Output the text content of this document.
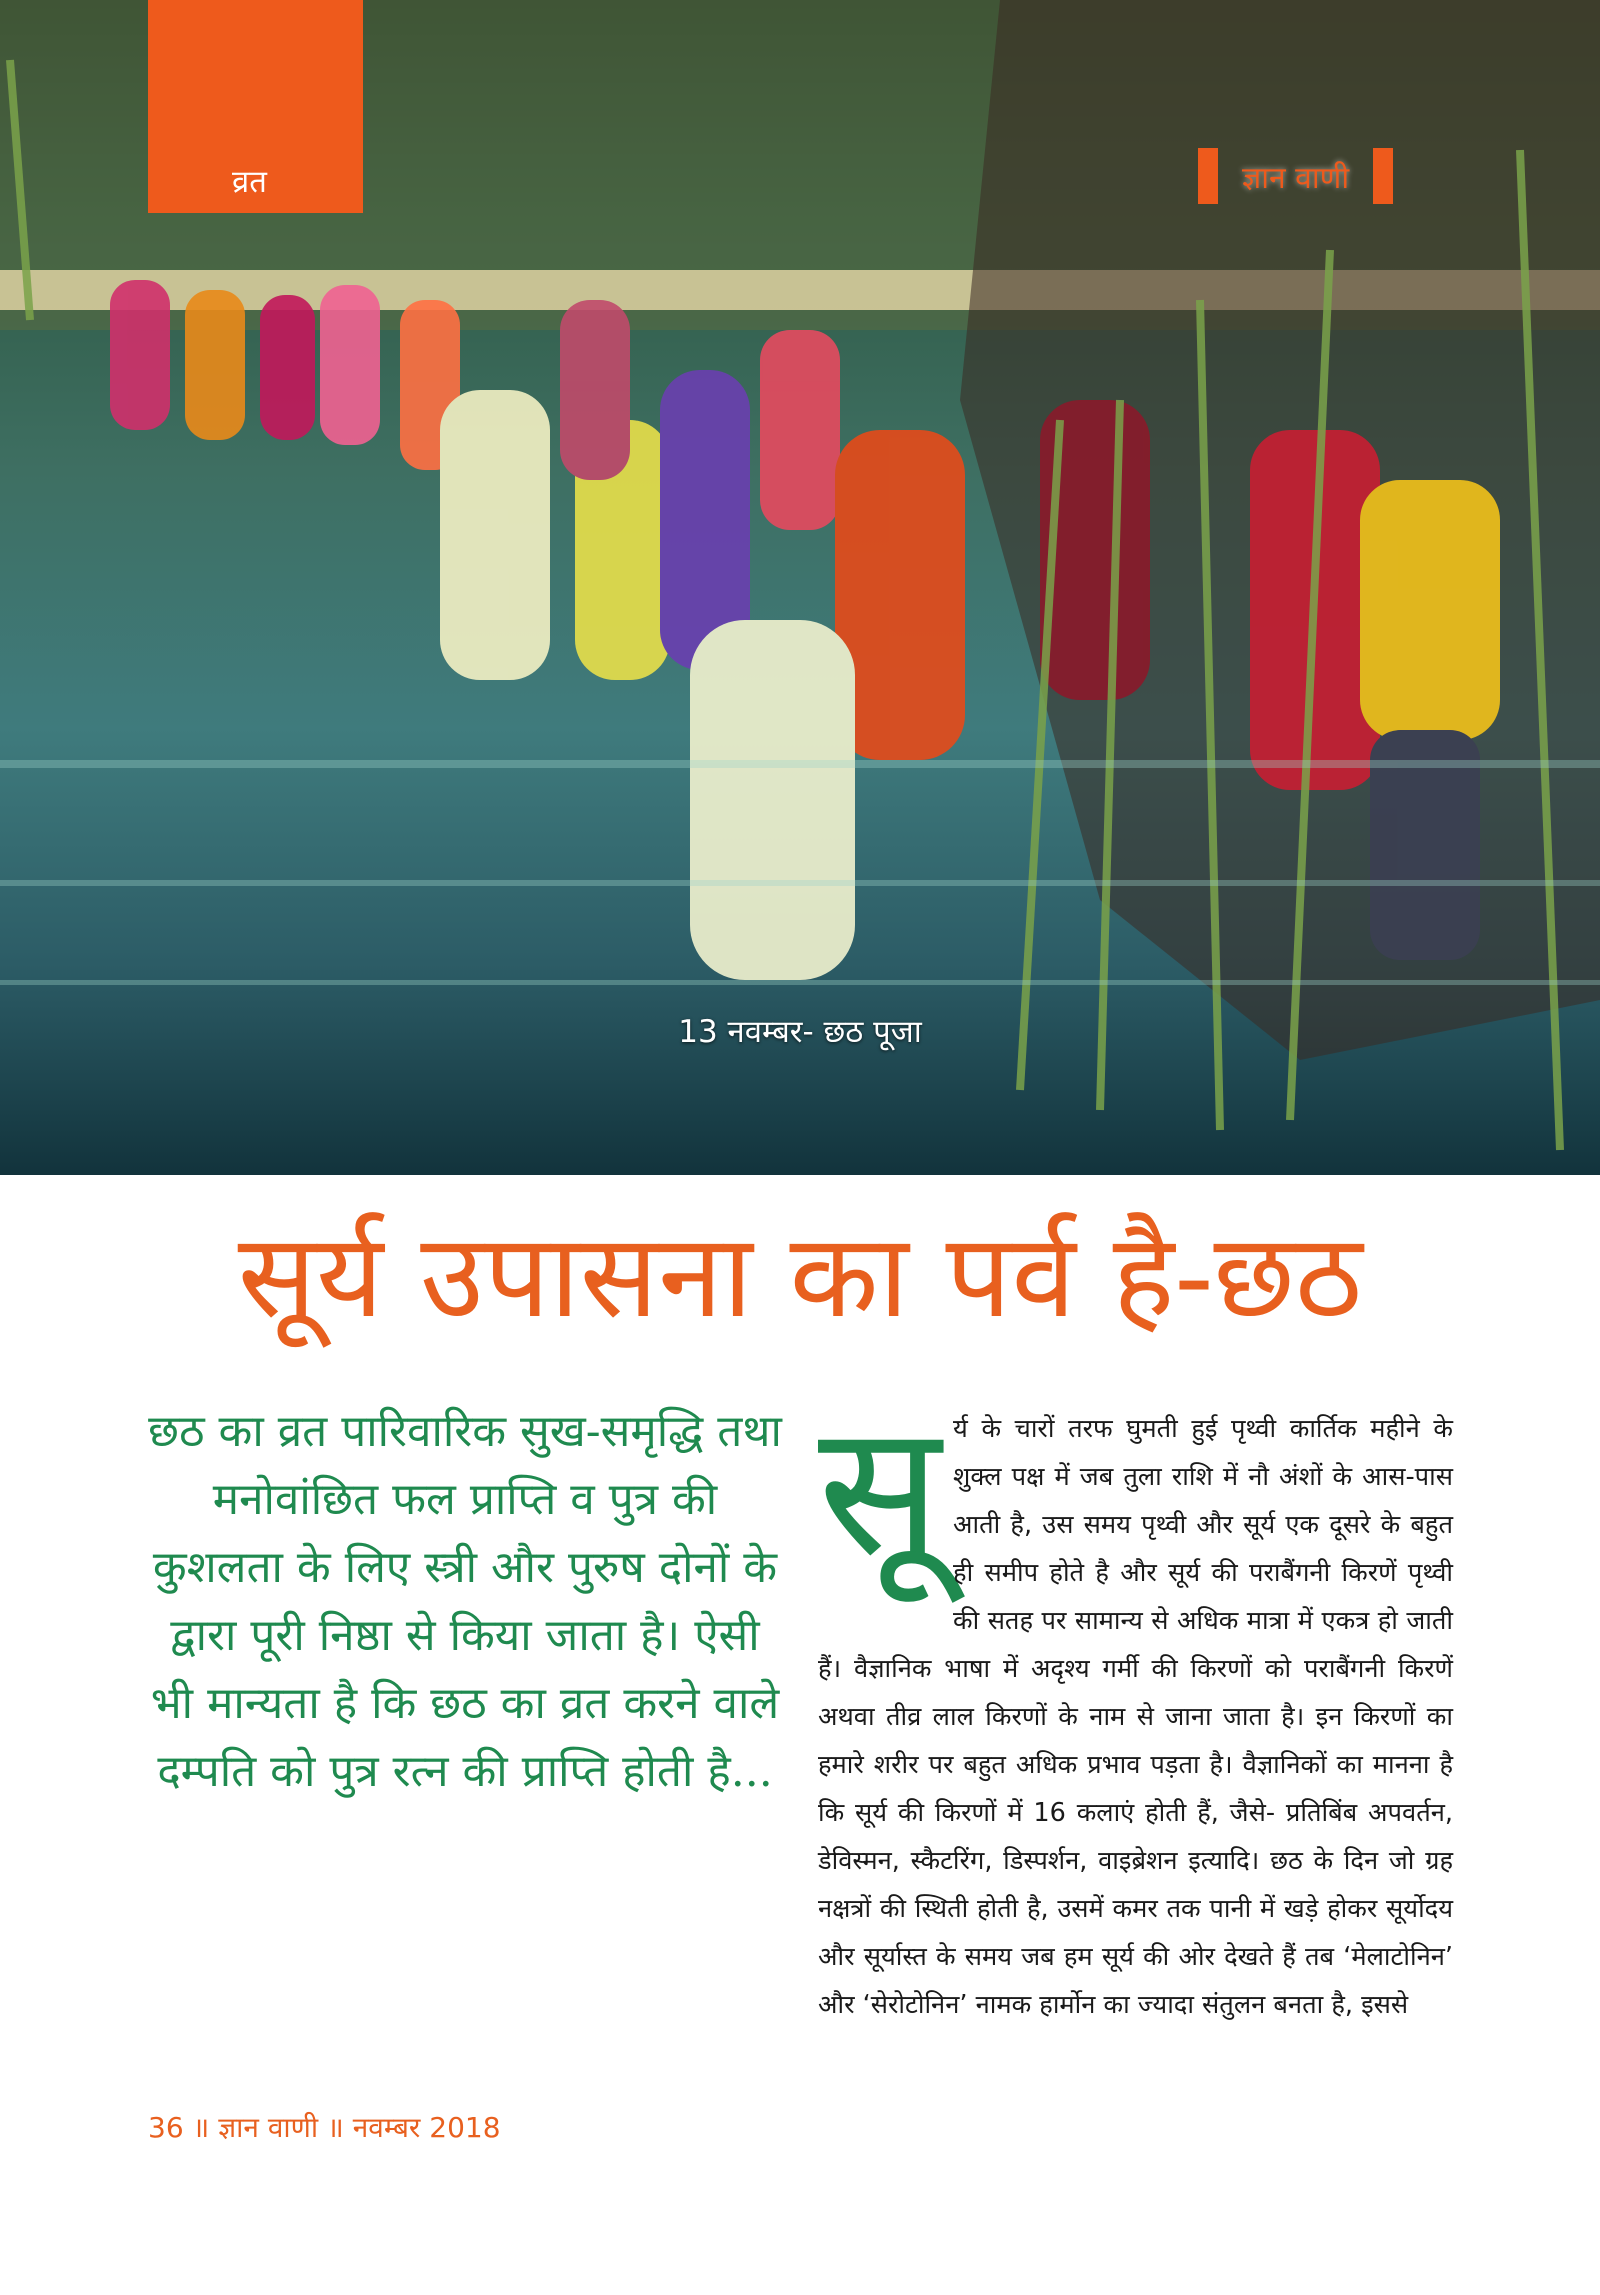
व्रत	ज्ञान वाणी
13 नवम्बर- छठ पूजा
सूर्य उपासना का पर्व है-छठ
छठ का व्रत पारिवारिक सुख-समृद्धि तथा मनोवांछित फल प्राप्ति व पुत्र की कुशलता के लिए स्त्री और पुरुष दोनों के द्वारा पूरी निष्ठा से किया जाता है। ऐसी भी मान्यता है कि छठ का व्रत करने वाले दम्पति को पुत्र रत्न की प्राप्ति होती है...
सू र्य के चारों तरफ घुमती हुई पृथ्वी कार्तिक महीने के शुक्ल पक्ष में जब तुला राशि में नौ अंशों के आस-पास आती है, उस समय पृथ्वी और सूर्य एक दूसरे के बहुत ही समीप होते है और सूर्य की पराबैंगनी किरणें पृथ्वी की सतह पर सामान्य से अधिक मात्रा में एकत्र हो जाती हैं। वैज्ञानिक भाषा में अदृश्य गर्मी की किरणों को पराबैंगनी किरणें अथवा तीव्र लाल किरणों के नाम से जाना जाता है। इन किरणों का हमारे शरीर पर बहुत अधिक प्रभाव पड़ता है। वैज्ञानिकों का मानना है कि सूर्य की किरणों में 16 कलाएं होती हैं, जैसे- प्रतिबिंब अपवर्तन, डेविस्मन, स्कैटरिंग, डिस्पर्शन, वाइब्रेशन इत्यादि। छठ के दिन जो ग्रह नक्षत्रों की स्थिती होती है, उसमें कमर तक पानी में खड़े होकर सूर्योदय और सूर्यास्त के समय जब हम सूर्य की ओर देखते हैं तब ‘मेलाटोनिन’ और ‘सेरोटोनिन’ नामक हार्मोन का ज्यादा संतुलन बनता है, इससे

36 ॥ ज्ञान वाणी ॥ नवम्बर 2018
